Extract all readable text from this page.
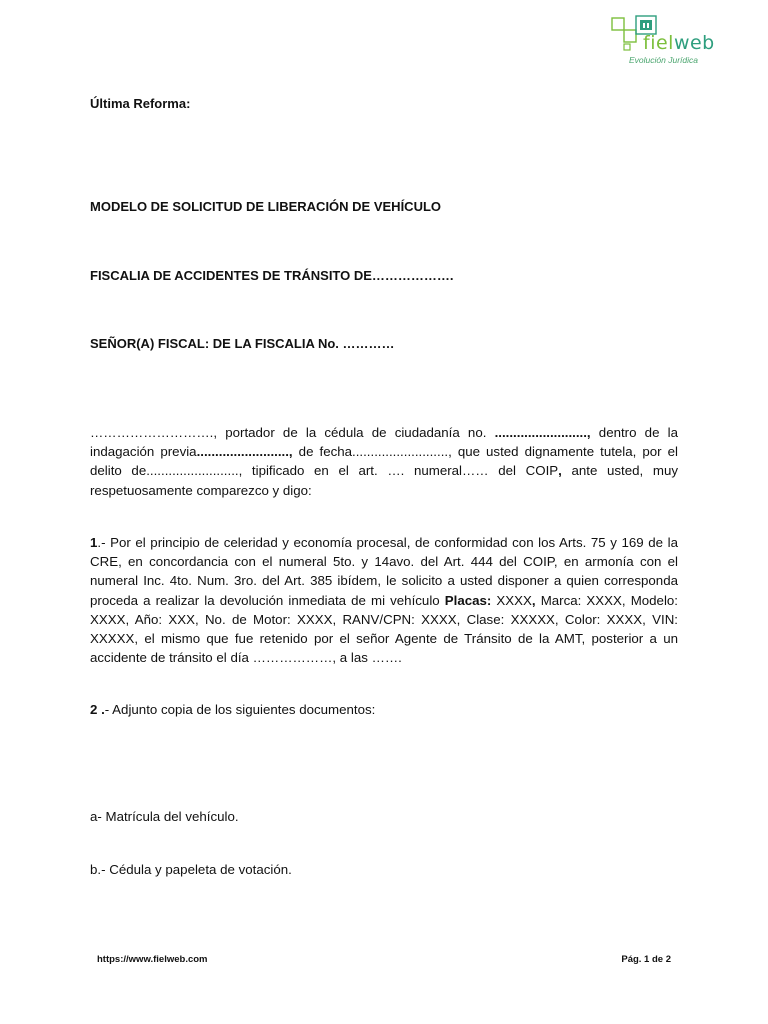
fielweb
Evolución Jurídica
Última Reforma:
MODELO DE SOLICITUD DE LIBERACIÓN DE VEHÍCULO
FISCALIA DE ACCIDENTES DE TRÁNSITO DE……………….
SEÑOR(A) FISCAL: DE LA FISCALIA No. …………
………………………., portador de la cédula de ciudadanía no. ........................., dentro de la indagación previa........................., de fecha.........................., que usted dignamente tutela, por el delito de........................., tipificado en el art. …. numeral…… del COIP, ante usted, muy respetuosamente comparezco y digo:
1.- Por el principio de celeridad y economía procesal, de conformidad con los Arts. 75 y 169 de la CRE, en concordancia con el numeral 5to. y 14avo. del Art. 444 del COIP, en armonía con el numeral Inc. 4to. Num. 3ro. del Art. 385 ibídem, le solicito a usted disponer a quien corresponda proceda a realizar la devolución inmediata de mi vehículo Placas: XXXX, Marca: XXXX, Modelo: XXXX, Año: XXX, No. de Motor: XXXX, RANV/CPN: XXXX, Clase: XXXXX, Color: XXXX, VIN: XXXXX, el mismo que fue retenido por el señor Agente de Tránsito de la AMT, posterior a un accidente de tránsito el día ………………, a las …….
2 .- Adjunto copia de los siguientes documentos:
a- Matrícula del vehículo.
b.- Cédula y papeleta de votación.
https://www.fielweb.com	Pág. 1 de 2
